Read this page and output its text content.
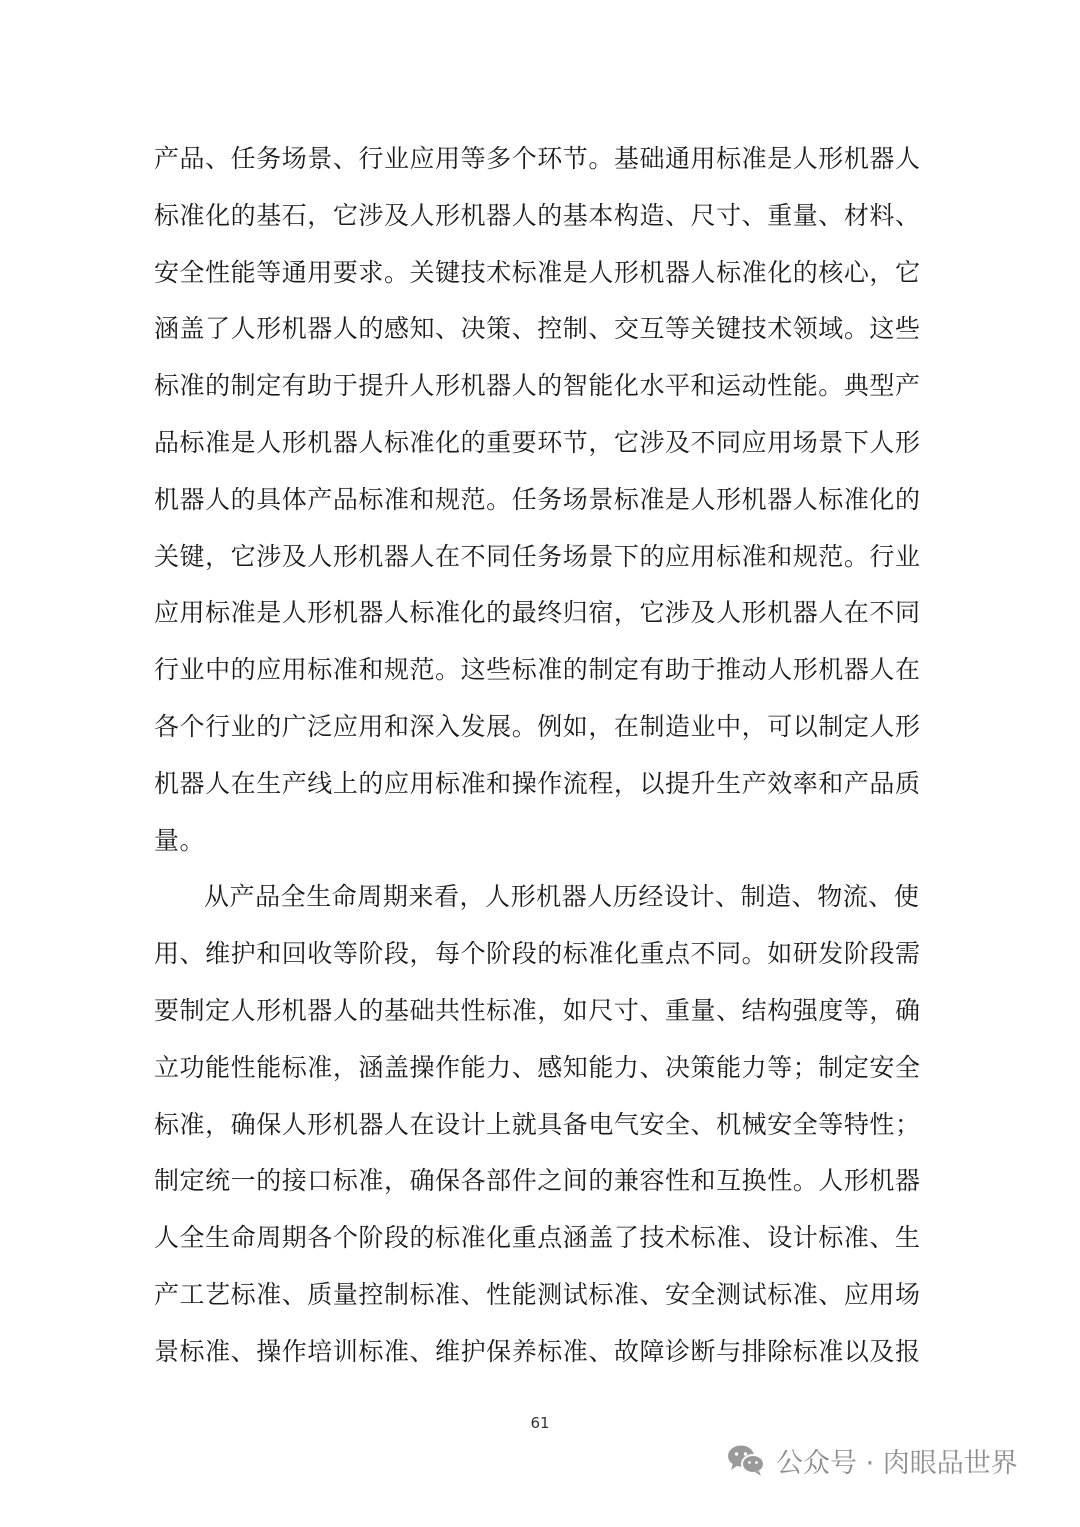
产品、任务场景、行业应用等多个环节。基础通用标准是人形机器人
标准化的基石，它涉及人形机器人的基本构造、尺寸、重量、材料、
安全性能等通用要求。关键技术标准是人形机器人标准化的核心，它
涵盖了人形机器人的感知、决策、控制、交互等关键技术领域。这些
标准的制定有助于提升人形机器人的智能化水平和运动性能。典型产
品标准是人形机器人标准化的重要环节，它涉及不同应用场景下人形
机器人的具体产品标准和规范。任务场景标准是人形机器人标准化的
关键，它涉及人形机器人在不同任务场景下的应用标准和规范。行业
应用标准是人形机器人标准化的最终归宿，它涉及人形机器人在不同
行业中的应用标准和规范。这些标准的制定有助于推动人形机器人在
各个行业的广泛应用和深入发展。例如，在制造业中，可以制定人形
机器人在生产线上的应用标准和操作流程，以提升生产效率和产品质
量。
从产品全生命周期来看，人形机器人历经设计、制造、物流、使
用、维护和回收等阶段，每个阶段的标准化重点不同。如研发阶段需
要制定人形机器人的基础共性标准，如尺寸、重量、结构强度等，确
立功能性能标准，涵盖操作能力、感知能力、决策能力等；制定安全
标准，确保人形机器人在设计上就具备电气安全、机械安全等特性；
制定统一的接口标准，确保各部件之间的兼容性和互换性。人形机器
人全生命周期各个阶段的标准化重点涵盖了技术标准、设计标准、生
产工艺标准、质量控制标准、性能测试标准、安全测试标准、应用场
景标准、操作培训标准、维护保养标准、故障诊断与排除标准以及报
61
公众号 · 肉眼品世界
